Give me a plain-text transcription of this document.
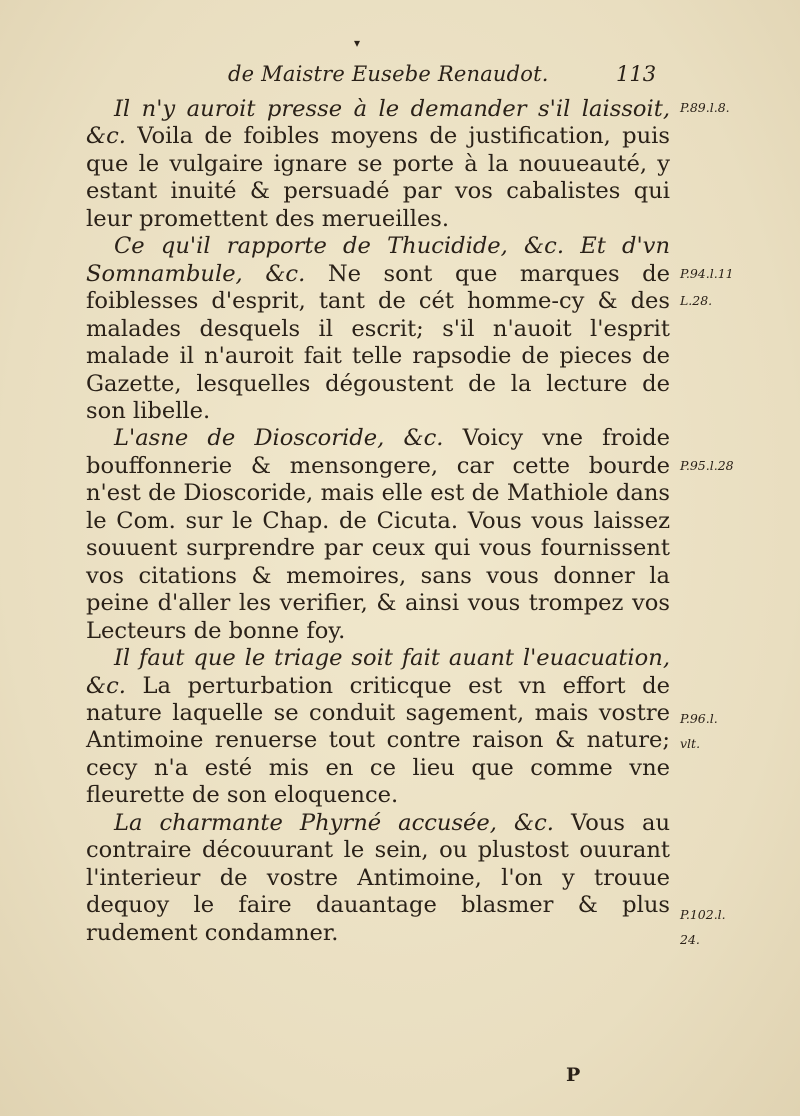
▾
de Maistre Eusebe Renaudot.	113

Il n'y auroit presse à le demander s'il laissoit, &c. Voila de foibles moyens de justification, puis que le vulgaire ignare se porte à la nouueauté, y estant inuité & persuadé par vos cabalistes qui leur promettent des merueilles.

Ce qu'il rapporte de Thucidide, &c. Et d'vn Somnambule, &c. Ne sont que marques de foiblesses d'esprit, tant de cét homme-cy & des malades desquels il escrit; s'il n'auoit l'esprit malade il n'auroit fait telle rapsodie de pieces de Gazette, lesquelles dégoustent de la lecture de son libelle.

L'asne de Dioscoride, &c. Voicy vne froide bouffonnerie & mensongere, car cette bourde n'est de Dioscoride, mais elle est de Mathiole dans le Com. sur le Chap. de Cicuta. Vous vous laissez souuent surprendre par ceux qui vous fournissent vos citations & memoires, sans vous donner la peine d'aller les verifier, & ainsi vous trompez vos Lecteurs de bonne foy.

Il faut que le triage soit fait auant l'euacuation, &c. La perturbation criticque est vn effort de nature laquelle se conduit sagement, mais vostre Antimoine renuerse tout contre raison & nature; cecy n'a esté mis en ce lieu que comme vne fleurette de son eloquence.

La charmante Phyrné accusée, &c. Vous au contraire découurant le sein, ou plustost ouurant l'interieur de vostre Antimoine, l'on y trouue dequoy le faire dauantage blasmer & plus rudement condamner.

P.89.l.8.
P.94.l.11
L.28.
P.95.l.28
P.96.l.
vlt.
P.102.l.
24.
P
